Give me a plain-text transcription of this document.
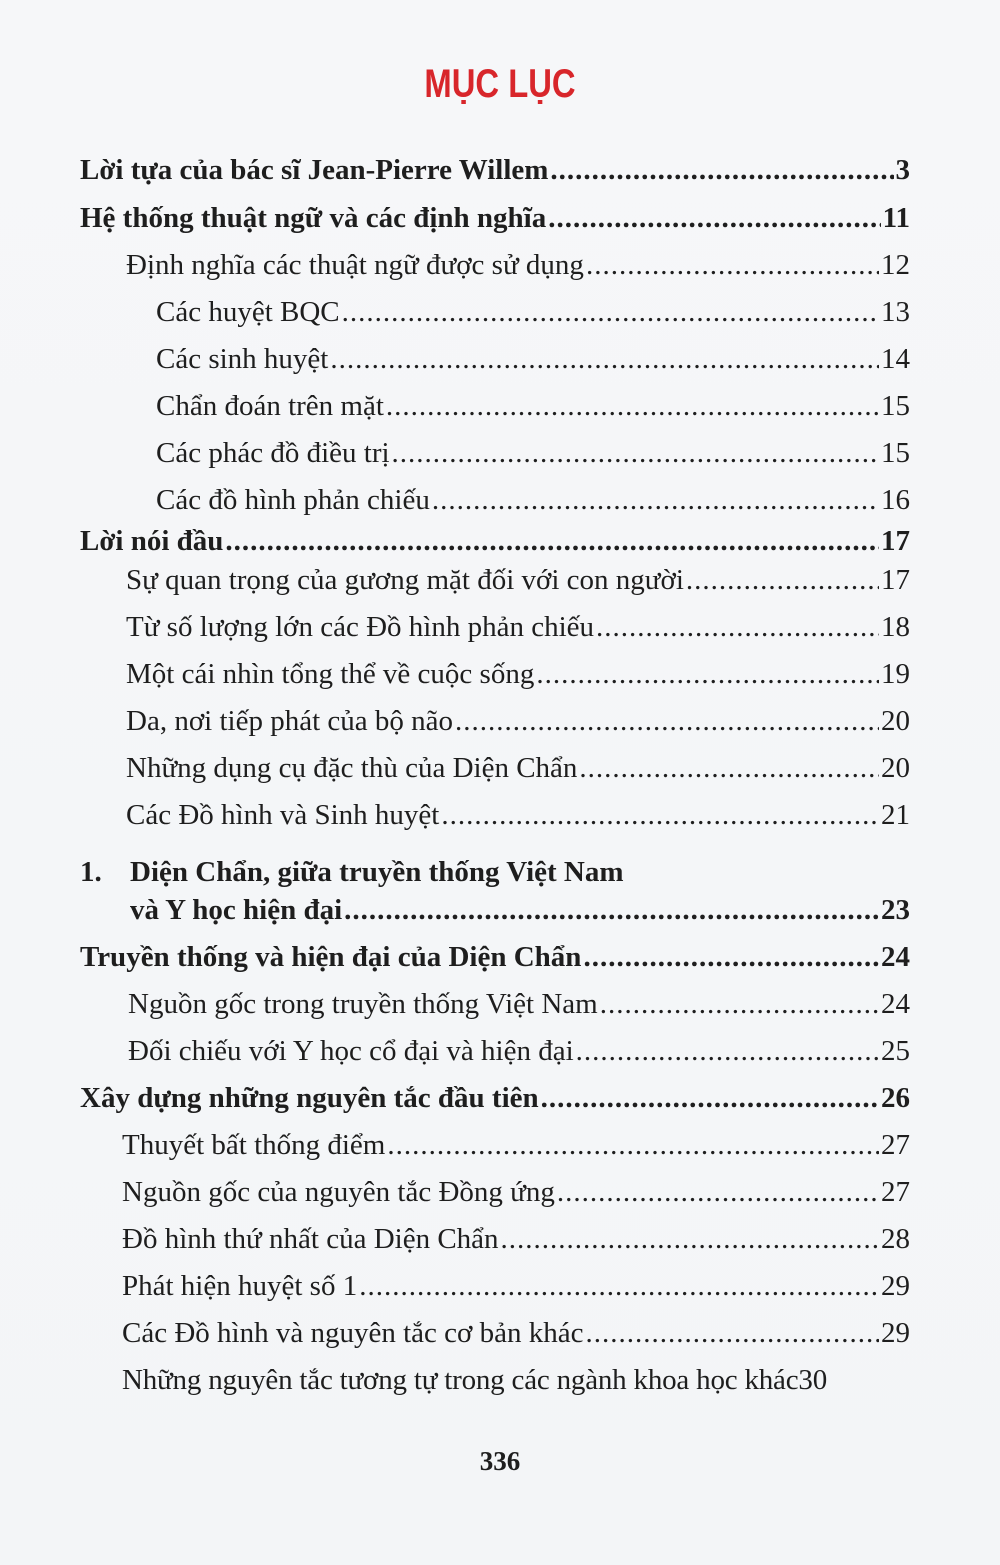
MỤC LỤC
Lời tựa của bác sĩ Jean-Pierre Willem .....	3
Hệ thống thuật ngữ và các định nghĩa .....	11
Định nghĩa các thuật ngữ được sử dụng .....	12
Các huyệt BQC .....	13
Các sinh huyệt .....	14
Chẩn đoán trên mặt .....	15
Các phác đồ điều trị .....	15
Các đồ hình phản chiếu .....	16
Lời nói đầu .....	17
Sự quan trọng của gương mặt đối với con người .....	17
Từ số lượng lớn các Đồ hình phản chiếu .....	18
Một cái nhìn tổng thể về cuộc sống .....	19
Da, nơi tiếp phát của bộ não .....	20
Những dụng cụ đặc thù của Diện Chẩn .....	20
Các Đồ hình và Sinh huyệt .....	21
1. Diện Chẩn, giữa truyền thống Việt Nam
và Y học hiện đại .....	23
Truyền thống và hiện đại của Diện Chẩn .....	24
Nguồn gốc trong truyền thống Việt Nam .....	24
Đối chiếu với Y học cổ đại và hiện đại .....	25
Xây dựng những nguyên tắc đầu tiên .....	26
Thuyết bất thống điểm .....	27
Nguồn gốc của nguyên tắc Đồng ứng .....	27
Đồ hình thứ nhất của Diện Chẩn .....	28
Phát hiện huyệt số 1 .....	29
Các Đồ hình và nguyên tắc cơ bản khác .....	29
Những nguyên tắc tương tự trong các ngành khoa học khác30
336
